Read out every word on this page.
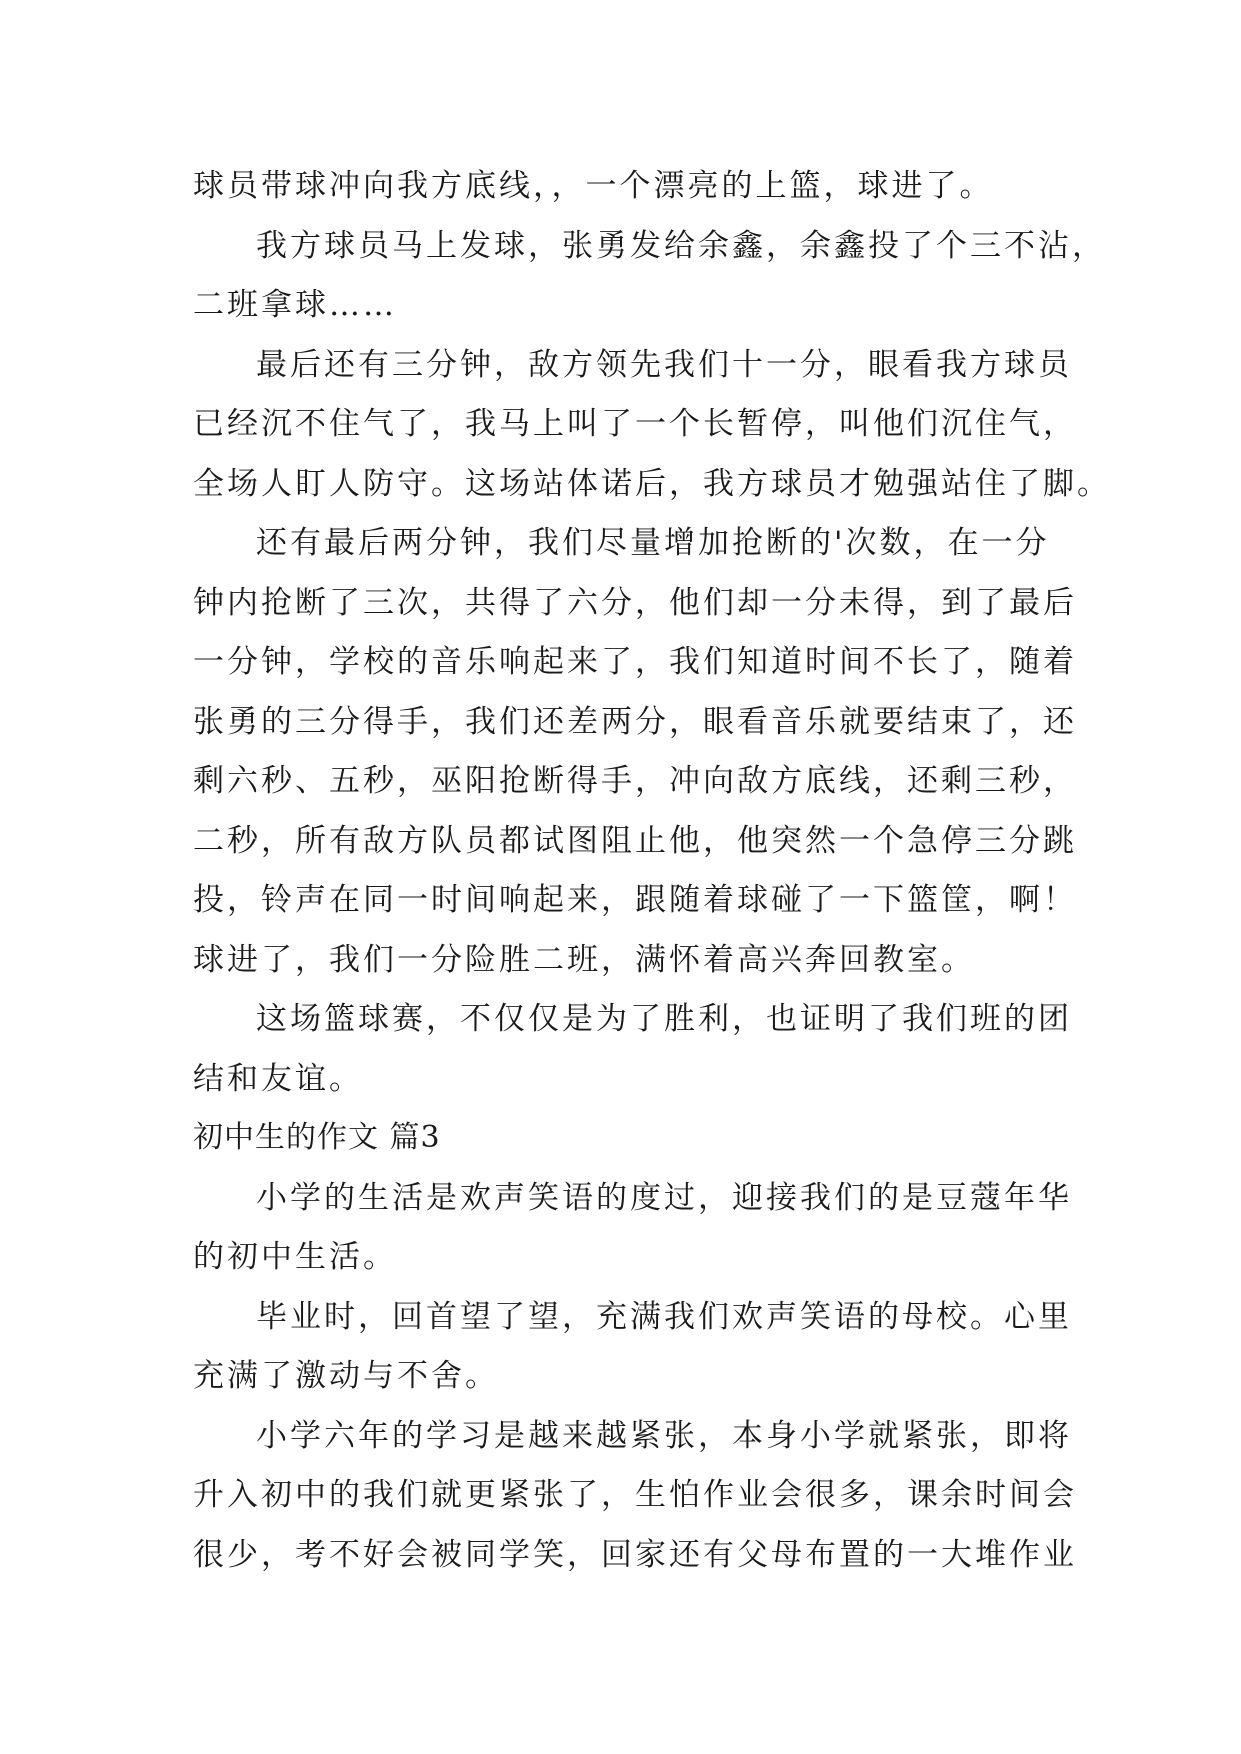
球员带球冲向我方底线，，一个漂亮的上篮，球进了。
我方球员马上发球，张勇发给余鑫，余鑫投了个三不沾，
二班拿球……
最后还有三分钟，敌方领先我们十一分，眼看我方球员
已经沉不住气了，我马上叫了一个长暂停，叫他们沉住气，
全场人盯人防守。这场站体诺后，我方球员才勉强站住了脚。
还有最后两分钟，我们尽量增加抢断的'次数，在一分
钟内抢断了三次，共得了六分，他们却一分未得，到了最后
一分钟，学校的音乐响起来了，我们知道时间不长了，随着
张勇的三分得手，我们还差两分，眼看音乐就要结束了，还
剩六秒、五秒，巫阳抢断得手，冲向敌方底线，还剩三秒，
二秒，所有敌方队员都试图阻止他，他突然一个急停三分跳
投，铃声在同一时间响起来，跟随着球碰了一下篮筐，啊！
球进了，我们一分险胜二班，满怀着高兴奔回教室。
这场篮球赛，不仅仅是为了胜利，也证明了我们班的团
结和友谊。
初中生的作文 篇3
小学的生活是欢声笑语的度过，迎接我们的是豆蔻年华
的初中生活。
毕业时，回首望了望，充满我们欢声笑语的母校。心里
充满了激动与不舍。
小学六年的学习是越来越紧张，本身小学就紧张，即将
升入初中的我们就更紧张了，生怕作业会很多，课余时间会
很少，考不好会被同学笑，回家还有父母布置的一大堆作业
